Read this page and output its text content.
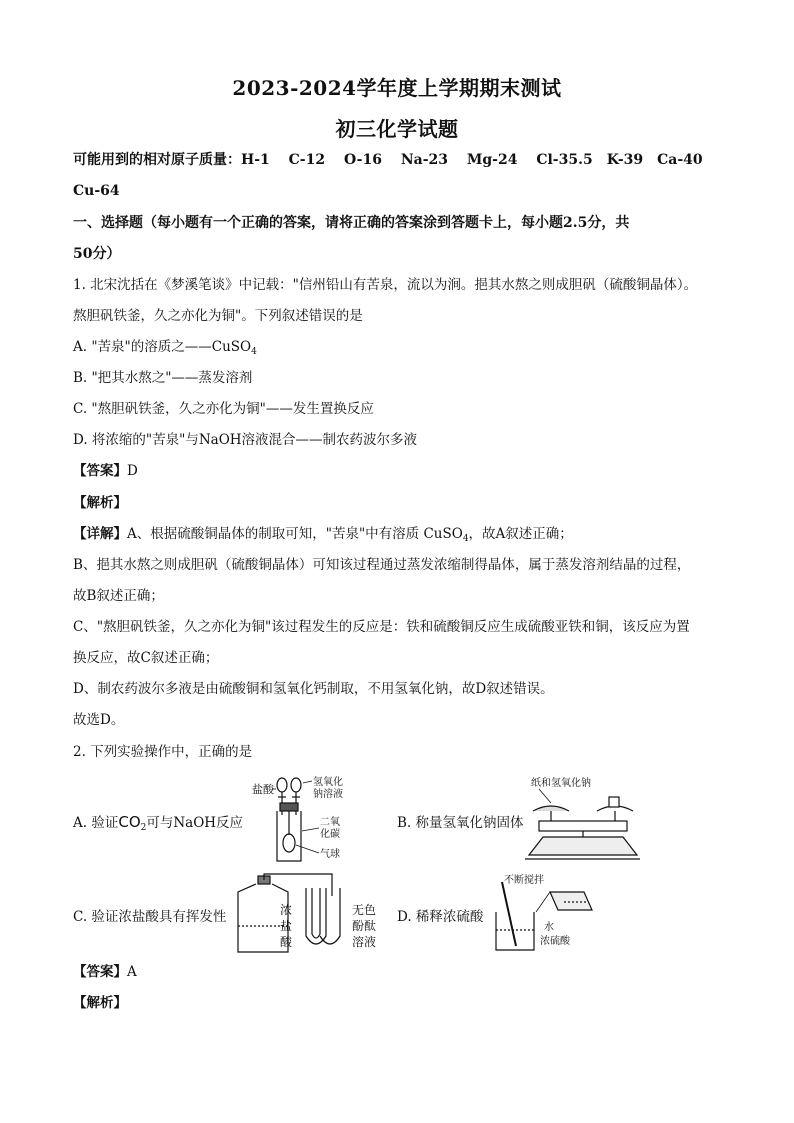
2023-2024学年度上学期期末测试
初三化学试题
可能用到的相对原子质量：H-1　 C-12　 O-16　 Na-23　 Mg-24　 Cl-35.5　K-39　Ca-40
Cu-64
一、选择题（每小题有一个正确的答案，请将正确的答案涂到答题卡上，每小题2.5分，共
50分）
1. 北宋沈括在《梦溪笔谈》中记载："信州铅山有苦泉，流以为涧。挹其水熬之则成胆矾（硫酸铜晶体）。
熬胆矾铁釜，久之亦化为铜"。下列叙述错误的是
A. "苦泉"的溶质之——CuSO$_4$
B. "把其水熬之"——蒸发溶剂
C. "熬胆矾铁釜，久之亦化为铜"——发生置换反应
D. 将浓缩的"苦泉"与NaOH溶液混合——制农药波尔多液
【答案】D
【解析】
【详解】A、根据硫酸铜晶体的制取可知，"苦泉"中有溶质 CuSO$_4$，故A叙述正确；
B、挹其水熬之则成胆矾（硫酸铜晶体）可知该过程通过蒸发浓缩制得晶体，属于蒸发溶剂结晶的过程，
故B叙述正确；
C、"熬胆矾铁釜，久之亦化为铜"该过程发生的反应是：铁和硫酸铜反应生成硫酸亚铁和铜，该反应为置
换反应，故C叙述正确；
D、制农药波尔多液是由硫酸铜和氢氧化钙制取，不用氢氧化钠，故D叙述错误。
故选D。
2. 下列实验操作中，正确的是
A. 验证$CO_2$可与NaOH反应	B. 称量氢氧化钠固体
C. 验证浓盐酸具有挥发性	D. 稀释浓硫酸
盐酸
氢氧化
钠溶液
二氧
化碳
气球
纸和氢氧化钠
浓
盐
酸
无色
酚酞
溶液
不断搅拌
水
浓硫酸
【答案】A
【解析】
